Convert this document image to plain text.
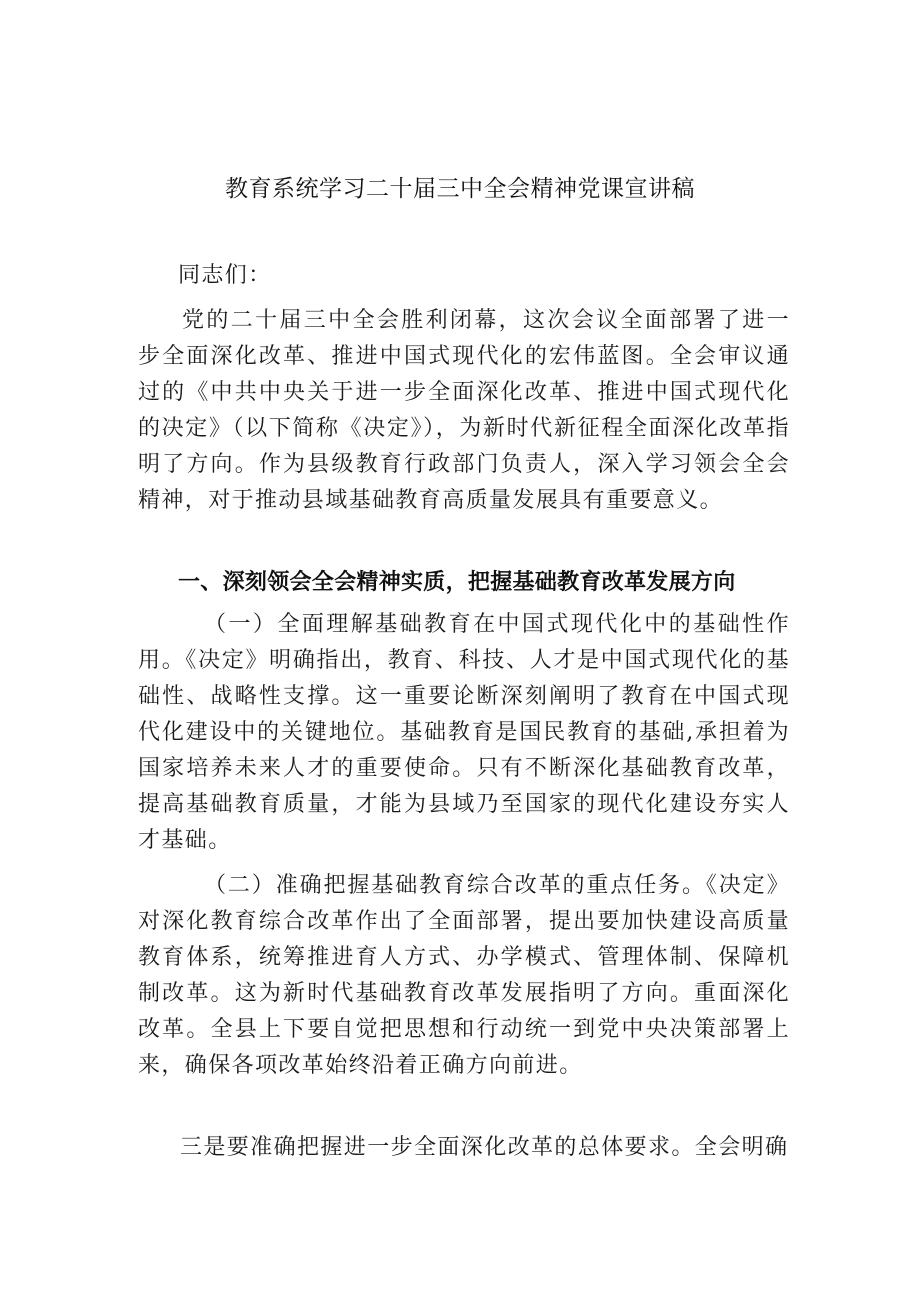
教育系统学习二十届三中全会精神党课宣讲稿
同志们：
党的二十届三中全会胜利闭幕，这次会议全面部署了进一步全面深化改革、推进中国式现代化的宏伟蓝图。全会审议通过的《中共中央关于进一步全面深化改革、推进中国式现代化的决定》（以下简称《决定》），为新时代新征程全面深化改革指明了方向。作为县级教育行政部门负责人，深入学习领会全会精神，对于推动县域基础教育高质量发展具有重要意义。
一、深刻领会全会精神实质，把握基础教育改革发展方向
（一）全面理解基础教育在中国式现代化中的基础性作用。《决定》明确指出，教育、科技、人才是中国式现代化的基础性、战略性支撑。这一重要论断深刻阐明了教育在中国式现代化建设中的关键地位。基础教育是国民教育的基础,承担着为国家培养未来人才的重要使命。只有不断深化基础教育改革，提高基础教育质量，才能为县域乃至国家的现代化建设夯实人才基础。
（二）准确把握基础教育综合改革的重点任务。《决定》对深化教育综合改革作出了全面部署，提出要加快建设高质量教育体系，统筹推进育人方式、办学模式、管理体制、保障机制改革。这为新时代基础教育改革发展指明了方向。重面深化改革。全县上下要自觉把思想和行动统一到党中央决策部署上来，确保各项改革始终沿着正确方向前进。
三是要准确把握进一步全面深化改革的总体要求。全会明确
